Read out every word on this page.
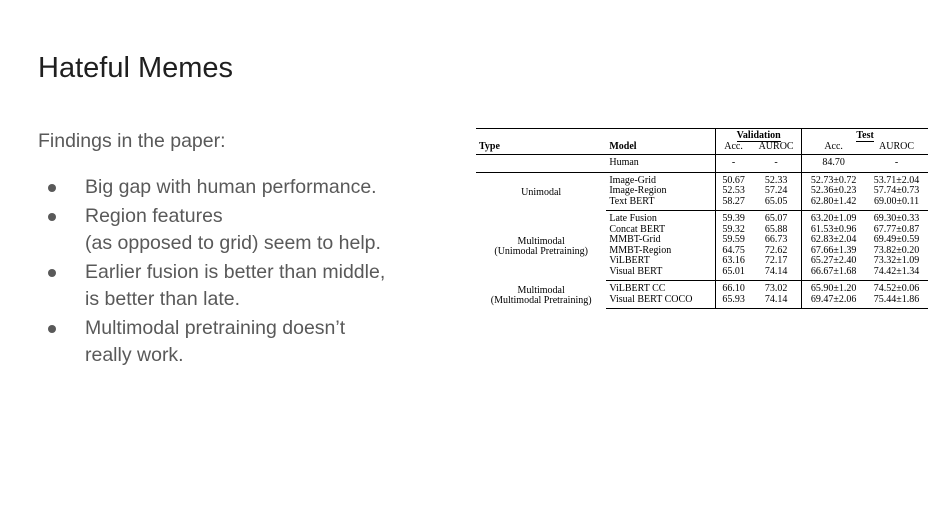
Hateful Memes
Findings in the paper:
Big gap with human performance.
Region features
(as opposed to grid) seem to help.
Earlier fusion is better than middle,
is better than late.
Multimodal pretraining doesn’t
really work.
Type	Model	Validation		Test	
		Acc.	AUROC	Acc.	AUROC
	Human	-	-	84.70	-
Unimodal	Image-Grid	50.67	52.33	52.73±0.72	53.71±2.04
	Image-Region	52.53	57.24	52.36±0.23	57.74±0.73
	Text BERT	58.27	65.05	62.80±1.42	69.00±0.11
Multimodal
(Unimodal Pretraining)	Late Fusion	59.39	65.07	63.20±1.09	69.30±0.33
	Concat BERT	59.32	65.88	61.53±0.96	67.77±0.87
	MMBT-Grid	59.59	66.73	62.83±2.04	69.49±0.59
	MMBT-Region	64.75	72.62	67.66±1.39	73.82±0.20
	ViLBERT	63.16	72.17	65.27±2.40	73.32±1.09
	Visual BERT	65.01	74.14	66.67±1.68	74.42±1.34
Multimodal
(Multimodal Pretraining)	ViLBERT CC	66.10	73.02	65.90±1.20	74.52±0.06
	Visual BERT COCO	65.93	74.14	69.47±2.06	75.44±1.86
